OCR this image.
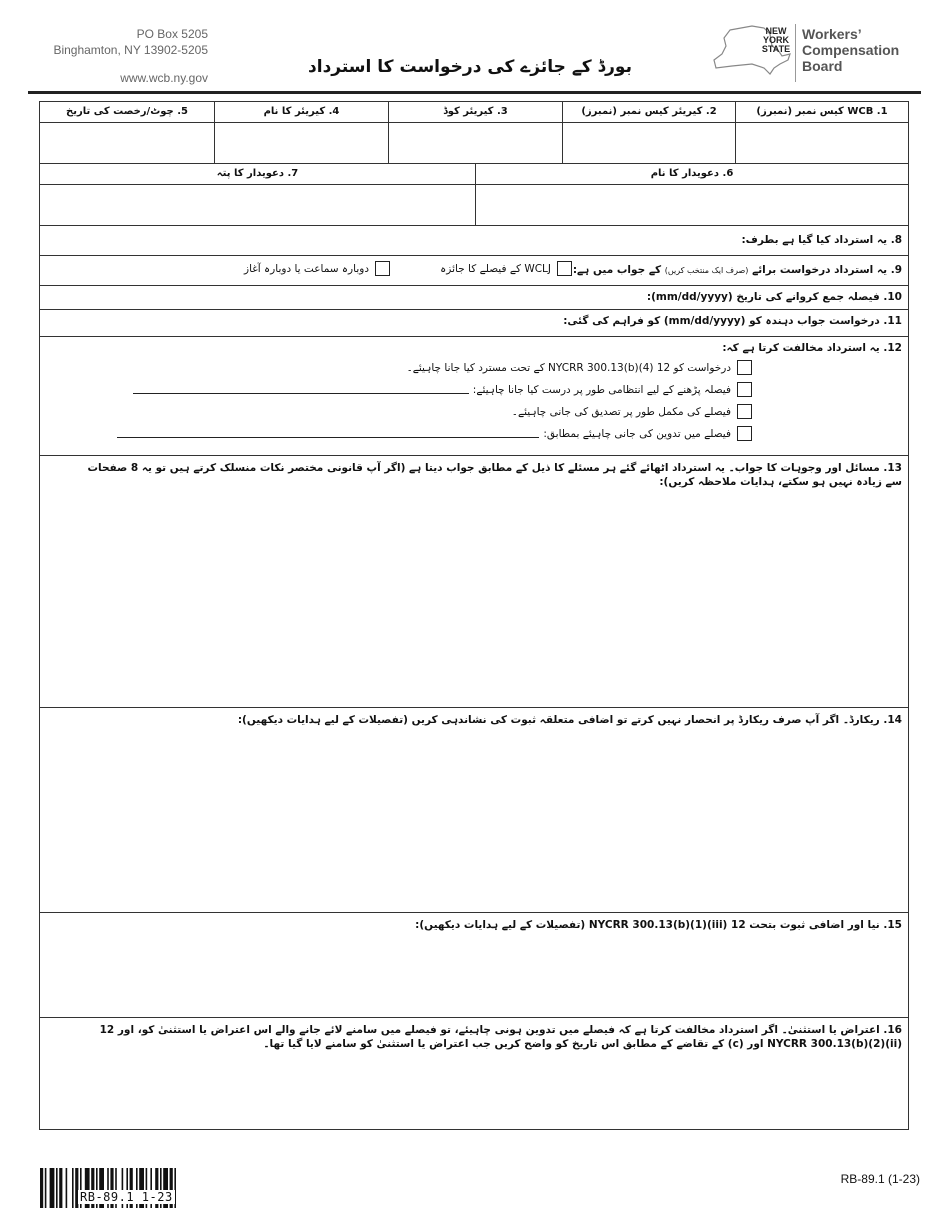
PO Box 5205
Binghamton, NY 13902-5205
www.wcb.ny.gov
بورڈ کے جائزے کی درخواست کا استرداد
NEW
YORK
STATE
Workers’
Compensation
Board
5. چوٹ/رخصت کی تاریخ	4. کیریئر کا نام	3. کیریئر کوڈ	2. کیریئر کیس نمبر (نمبرز)	1. WCB کیس نمبر (نمبرز)
7. دعویدار کا پتہ	6. دعویدار کا نام
8. یہ استرداد کیا گیا ہے بطرف:
9. یہ استرداد درخواست برائے (صرف ایک منتخب کریں) کے جواب میں ہے:
WCLJ کے فیصلے کا جائزہ
دوبارہ سماعت یا دوبارہ آغاز
10. فیصلہ جمع کروانے کی تاریخ (mm/dd/yyyy):
11. درخواست جواب دہندہ کو (mm/dd/yyyy) کو فراہم کی گئی:
12. یہ استرداد مخالفت کرتا ہے کہ:
درخواست کو 12 NYCRR 300.13(b)(4) کے تحت مسترد کیا جانا چاہیئے۔
فیصلہ پڑھنے کے لیے انتظامی طور پر درست کیا جانا چاہیئے:
فیصلے کی مکمل طور پر تصدیق کی جانی چاہیئے۔
فیصلے میں تدوین کی جانی چاہیئے بمطابق:
13. مسائل اور وجوہات کا جواب۔ یہ استرداد اٹھائے گئے ہر مسئلے کا ذیل کے مطابق جواب دیتا ہے (اگر آپ قانونی مختصر نکات منسلک کرتے ہیں تو یہ 8 صفحات سے زیادہ نہیں ہو سکتے، ہدایات ملاحظہ کریں):
14. ریکارڈ۔ اگر آپ صرف ریکارڈ پر انحصار نہیں کرتے تو اضافی متعلقہ ثبوت کی نشاندہی کریں (تفصیلات کے لیے ہدایات دیکھیں):
15. نیا اور اضافی ثبوت بتحت 12 NYCRR 300.13(b)(1)(iii) (تفصیلات کے لیے ہدایات دیکھیں):
16. اعتراض یا استثنیٰ۔ اگر استرداد مخالفت کرتا ہے کہ فیصلے میں تدوین ہونی چاہیئے، تو فیصلے میں سامنے لائے جانے والے اس اعتراض یا استثنیٰ کو، اور 12 NYCRR 300.13(b)(2)(ii) اور (c) کے تقاضے کے مطابق اس تاریخ کو واضح کریں جب اعتراض یا استثنیٰ کو سامنے لایا گیا تھا۔
RB-89.1 1-23
RB-89.1 (1-23)
